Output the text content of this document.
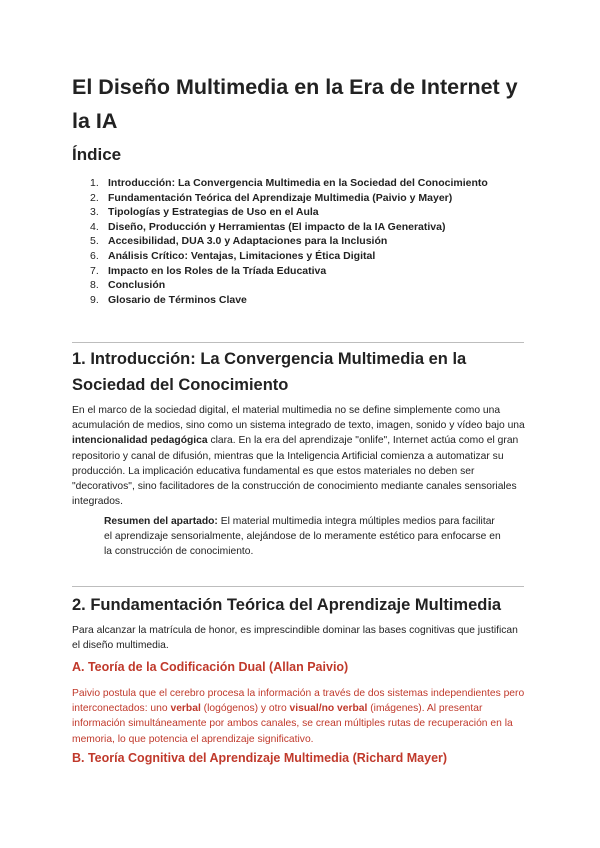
El Diseño Multimedia en la Era de Internet y la IA
Índice
1. Introducción: La Convergencia Multimedia en la Sociedad del Conocimiento
2. Fundamentación Teórica del Aprendizaje Multimedia (Paivio y Mayer)
3. Tipologías y Estrategias de Uso en el Aula
4. Diseño, Producción y Herramientas (El impacto de la IA Generativa)
5. Accesibilidad, DUA 3.0 y Adaptaciones para la Inclusión
6. Análisis Crítico: Ventajas, Limitaciones y Ética Digital
7. Impacto en los Roles de la Tríada Educativa
8. Conclusión
9. Glosario de Términos Clave
1. Introducción: La Convergencia Multimedia en la Sociedad del Conocimiento

En el marco de la sociedad digital, el material multimedia no se define simplemente como una acumulación de medios, sino como un sistema integrado de texto, imagen, sonido y vídeo bajo una intencionalidad pedagógica clara. En la era del aprendizaje "onlife", Internet actúa como el gran repositorio y canal de difusión, mientras que la Inteligencia Artificial comienza a automatizar su producción. La implicación educativa fundamental es que estos materiales no deben ser "decorativos", sino facilitadores de la construcción de conocimiento mediante canales sensoriales integrados.

Resumen del apartado: El material multimedia integra múltiples medios para facilitar el aprendizaje sensorialmente, alejándose de lo meramente estético para enfocarse en la construcción de conocimiento.

2. Fundamentación Teórica del Aprendizaje Multimedia

Para alcanzar la matrícula de honor, es imprescindible dominar las bases cognitivas que justifican el diseño multimedia.

A. Teoría de la Codificación Dual (Allan Paivio)

Paivio postula que el cerebro procesa la información a través de dos sistemas independientes pero interconectados: uno verbal (logógenos) y otro visual/no verbal (imágenes). Al presentar información simultáneamente por ambos canales, se crean múltiples rutas de recuperación en la memoria, lo que potencia el aprendizaje significativo.

B. Teoría Cognitiva del Aprendizaje Multimedia (Richard Mayer)
